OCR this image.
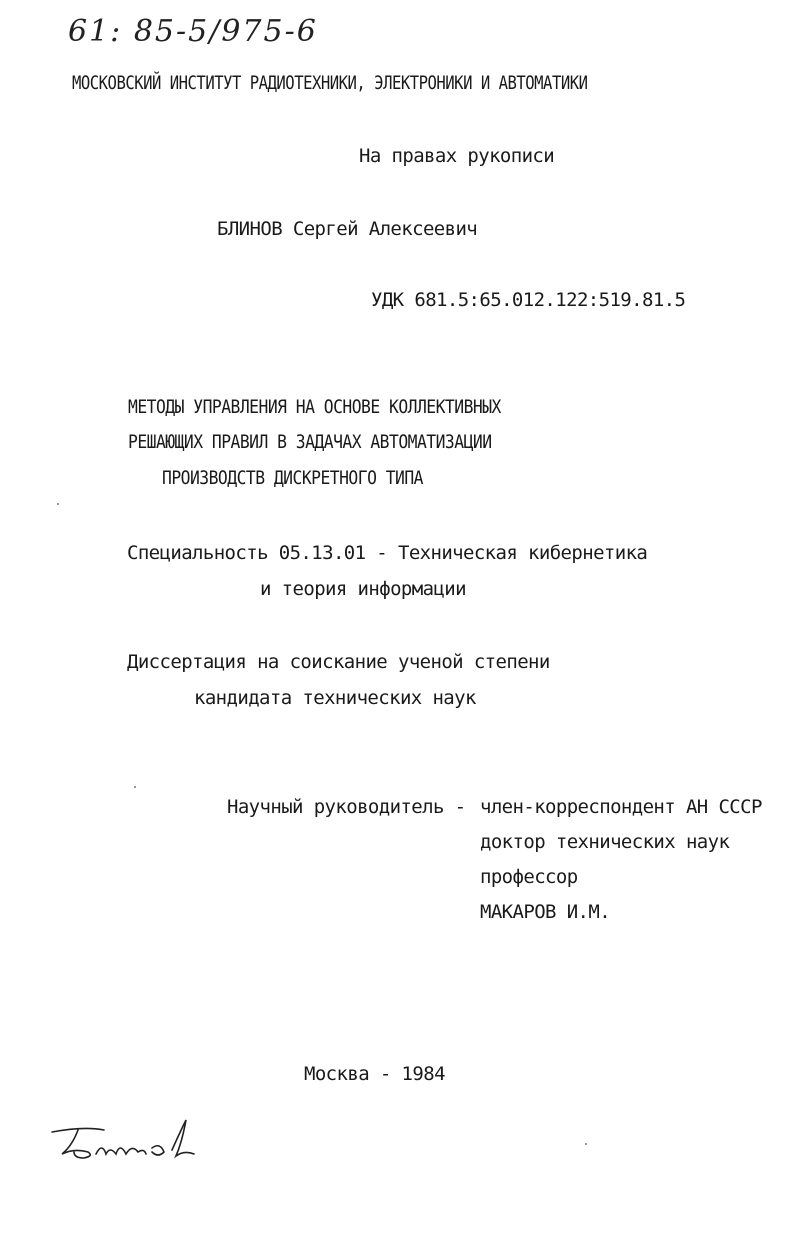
61: 85-5/975-6
МОСКОВСКИЙ ИНСТИТУТ РАДИОТЕХНИКИ, ЭЛЕКТРОНИКИ И АВТОМАТИКИ
На правах рукописи
БЛИНОВ Сергей Алексеевич
УДК 681.5:65.012.122:519.81.5
МЕТОДЫ УПРАВЛЕНИЯ НА ОСНОВЕ КОЛЛЕКТИВНЫХ
РЕШАЮЩИХ ПРАВИЛ В ЗАДАЧАХ АВТОМАТИЗАЦИИ
ПРОИЗВОДСТВ ДИСКРЕТНОГО ТИПА
Специальность 05.13.01 - Техническая кибернетика
и теория информации
Диссертация на соискание ученой степени
кандидата технических наук
Научный руководитель - член-корреспондент АН СССР
доктор технических наук
профессор
МАКАРОВ И.М.
Москва - 1984
